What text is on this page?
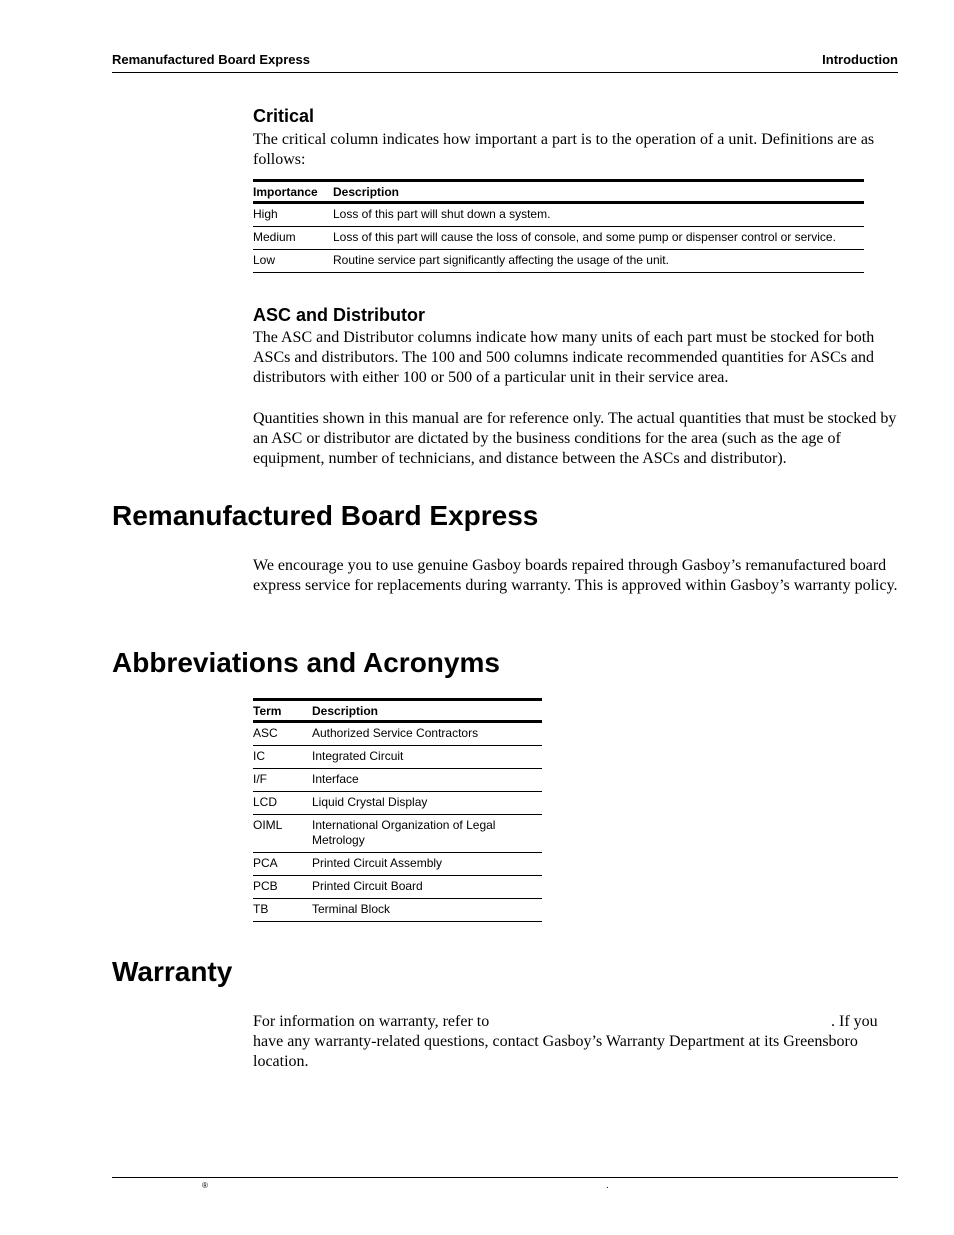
Remanufactured Board Express	Introduction
Critical

The critical column indicates how important a part is to the operation of a unit. Definitions are as follows:

Importance	Description
High	Loss of this part will shut down a system.
Medium	Loss of this part will cause the loss of console, and some pump or dispenser control or service.
Low	Routine service part significantly affecting the usage of the unit.
ASC and Distributor

The ASC and Distributor columns indicate how many units of each part must be stocked for both ASCs and distributors. The 100 and 500 columns indicate recommended quantities for ASCs and distributors with either 100 or 500 of a particular unit in their service area.

Quantities shown in this manual are for reference only. The actual quantities that must be stocked by an ASC or distributor are dictated by the business conditions for the area (such as the age of equipment, number of technicians, and distance between the ASCs and distributor).

Remanufactured Board Express

We encourage you to use genuine Gasboy boards repaired through Gasboy’s remanufactured board express service for replacements during warranty. This is approved within Gasboy’s warranty policy.

Abbreviations and Acronyms
Term	Description
ASC	Authorized Service Contractors
IC	Integrated Circuit
I/F	Interface
LCD	Liquid Crystal Display
OIML	International Organization of Legal Metrology
PCA	Printed Circuit Assembly
PCB	Printed Circuit Board
TB	Terminal Block
Warranty
For information on warranty, refer to	. If you

have any warranty-related questions, contact Gasboy’s Warranty Department at its Greensboro location.

®	.
